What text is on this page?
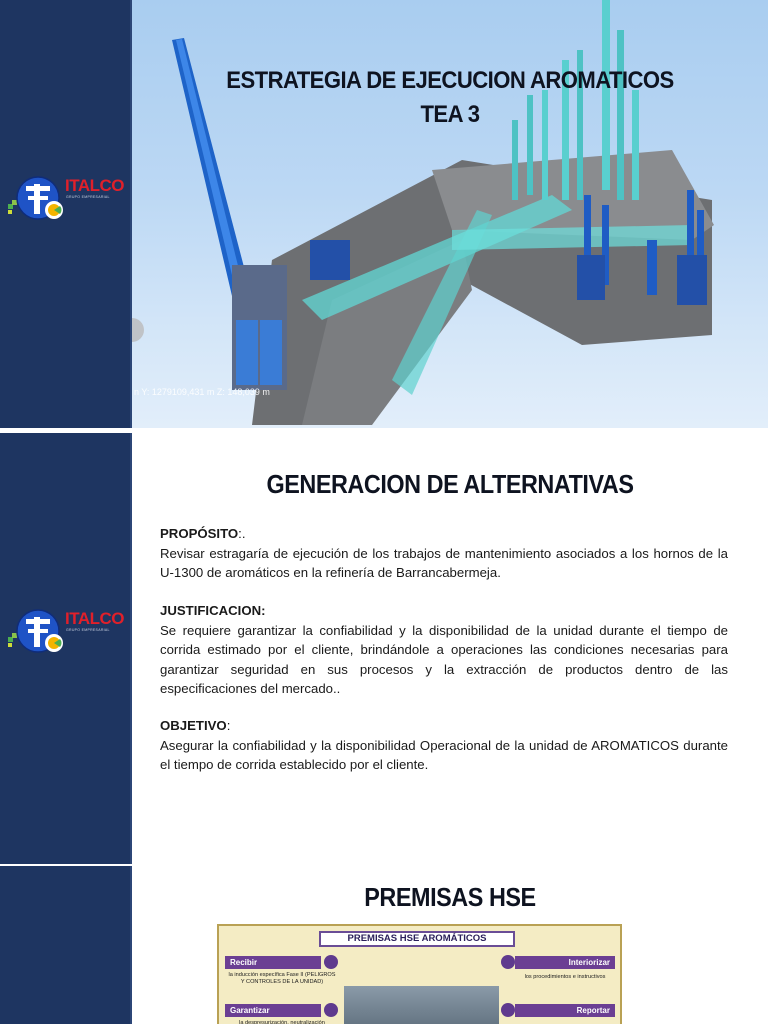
ITALCO
GRUPO EMPRESARIAL
ESTRATEGIA DE EJECUCION AROMATICOS
TEA 3
n Y: 1279109,431 m Z: 148,039 m
ITALCO
GRUPO EMPRESARIAL
GENERACION DE ALTERNATIVAS
PROPÓSITO:.
Revisar estragaría de ejecución de los trabajos de mantenimiento asociados a los hornos de la U-1300 de aromáticos en la refinería de Barrancabermeja.
JUSTIFICACION:
Se requiere garantizar la confiabilidad y la disponibilidad de la unidad durante el tiempo de corrida estimado por el cliente, brindándole a operaciones las condiciones necesarias para garantizar seguridad en sus procesos y la extracción de productos dentro de las especificaciones del mercado..
OBJETIVO:
Asegurar la confiabilidad y la disponibilidad Operacional de la unidad de AROMATICOS durante el tiempo de corrida establecido por el cliente.
PREMISAS HSE
PREMISAS HSE AROMÁTICOS
Recibir
la inducción específica Fase II (PELIGROS Y CONTROLES DE LA UNIDAD)
Interiorizar
los procedimientos e instructivos
Garantizar
la despresurización, neutralización
Reportar
